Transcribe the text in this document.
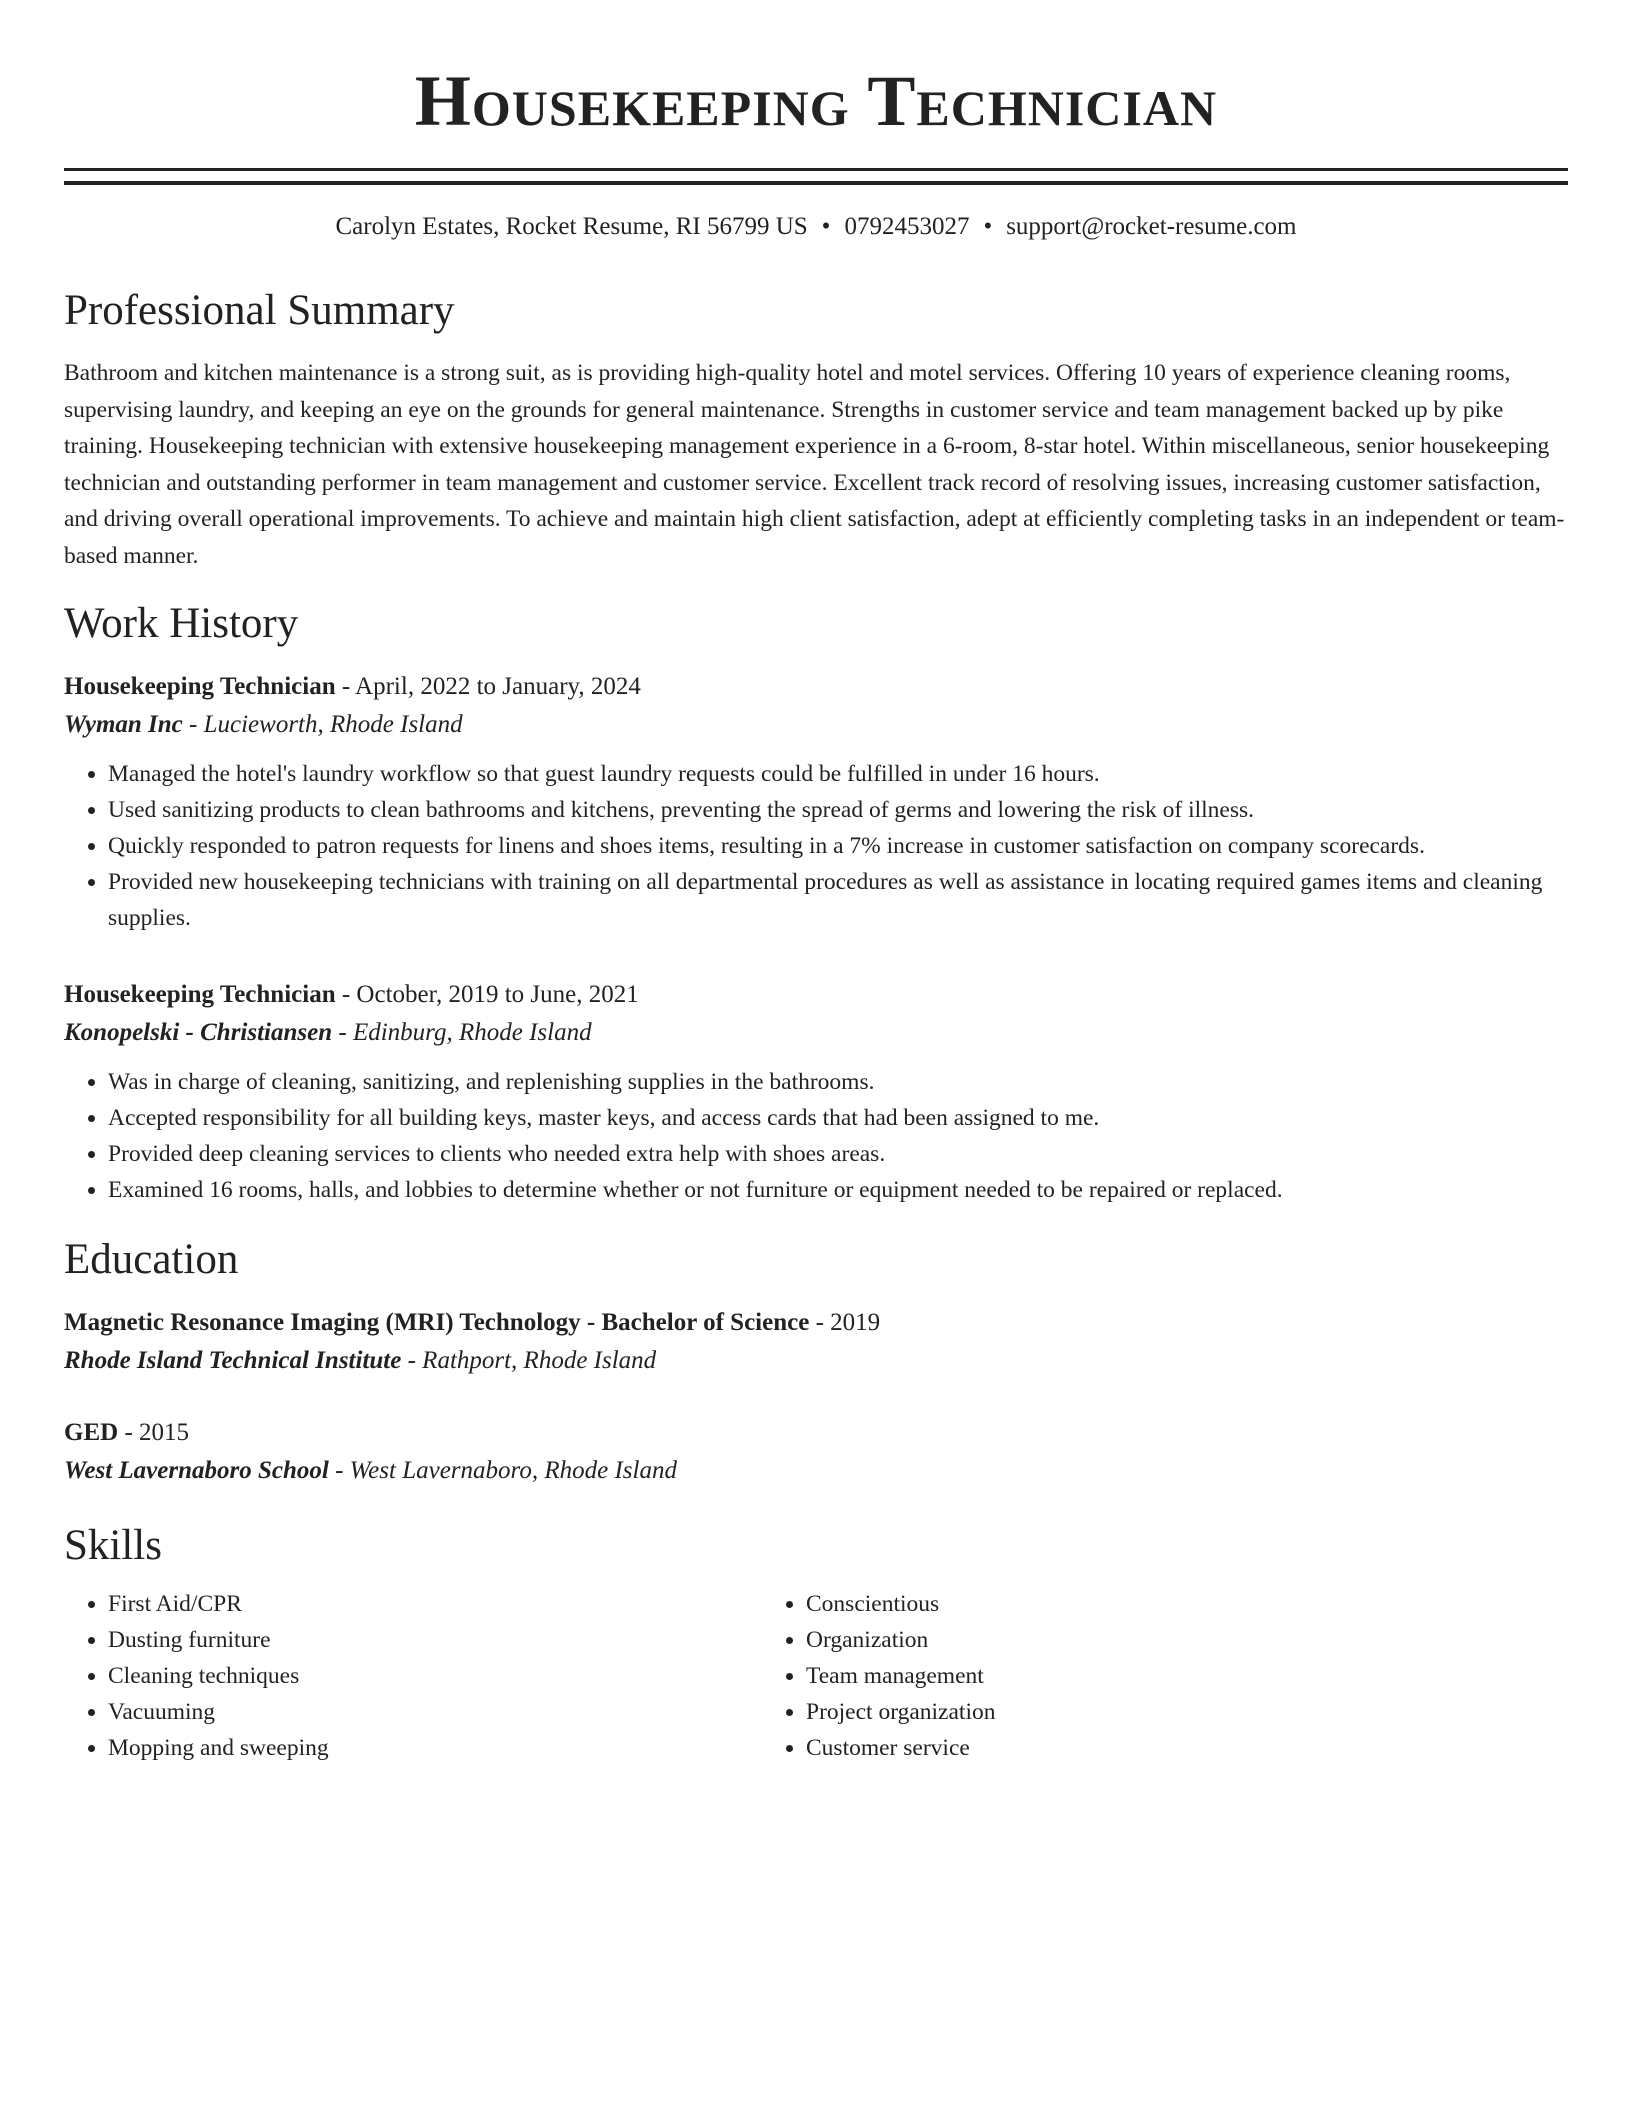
Housekeeping Technician
Carolyn Estates, Rocket Resume, RI 56799 US • 0792453027 • support@rocket-resume.com
Professional Summary

Bathroom and kitchen maintenance is a strong suit, as is providing high-quality hotel and motel services. Offering 10 years of experience cleaning rooms, supervising laundry, and keeping an eye on the grounds for general maintenance. Strengths in customer service and team management backed up by pike training. Housekeeping technician with extensive housekeeping management experience in a 6-room, 8-star hotel. Within miscellaneous, senior housekeeping technician and outstanding performer in team management and customer service. Excellent track record of resolving issues, increasing customer satisfaction, and driving overall operational improvements. To achieve and maintain high client satisfaction, adept at efficiently completing tasks in an independent or team-based manner.

Work History
Housekeeping Technician - April, 2022 to January, 2024
Wyman Inc - Lucieworth, Rhode Island
• Managed the hotel's laundry workflow so that guest laundry requests could be fulfilled in under 16 hours.
• Used sanitizing products to clean bathrooms and kitchens, preventing the spread of germs and lowering the risk of illness.
• Quickly responded to patron requests for linens and shoes items, resulting in a 7% increase in customer satisfaction on company scorecards.
• Provided new housekeeping technicians with training on all departmental procedures as well as assistance in locating required games items and cleaning supplies.
Housekeeping Technician - October, 2019 to June, 2021
Konopelski - Christiansen - Edinburg, Rhode Island
• Was in charge of cleaning, sanitizing, and replenishing supplies in the bathrooms.
• Accepted responsibility for all building keys, master keys, and access cards that had been assigned to me.
• Provided deep cleaning services to clients who needed extra help with shoes areas.
• Examined 16 rooms, halls, and lobbies to determine whether or not furniture or equipment needed to be repaired or replaced.
Education
Magnetic Resonance Imaging (MRI) Technology - Bachelor of Science - 2019
Rhode Island Technical Institute - Rathport, Rhode Island
GED - 2015
West Lavernaboro School - West Lavernaboro, Rhode Island
Skills
• First Aid/CPR
• Dusting furniture
• Cleaning techniques
• Vacuuming
• Mopping and sweeping
• Conscientious
• Organization
• Team management
• Project organization
• Customer service
